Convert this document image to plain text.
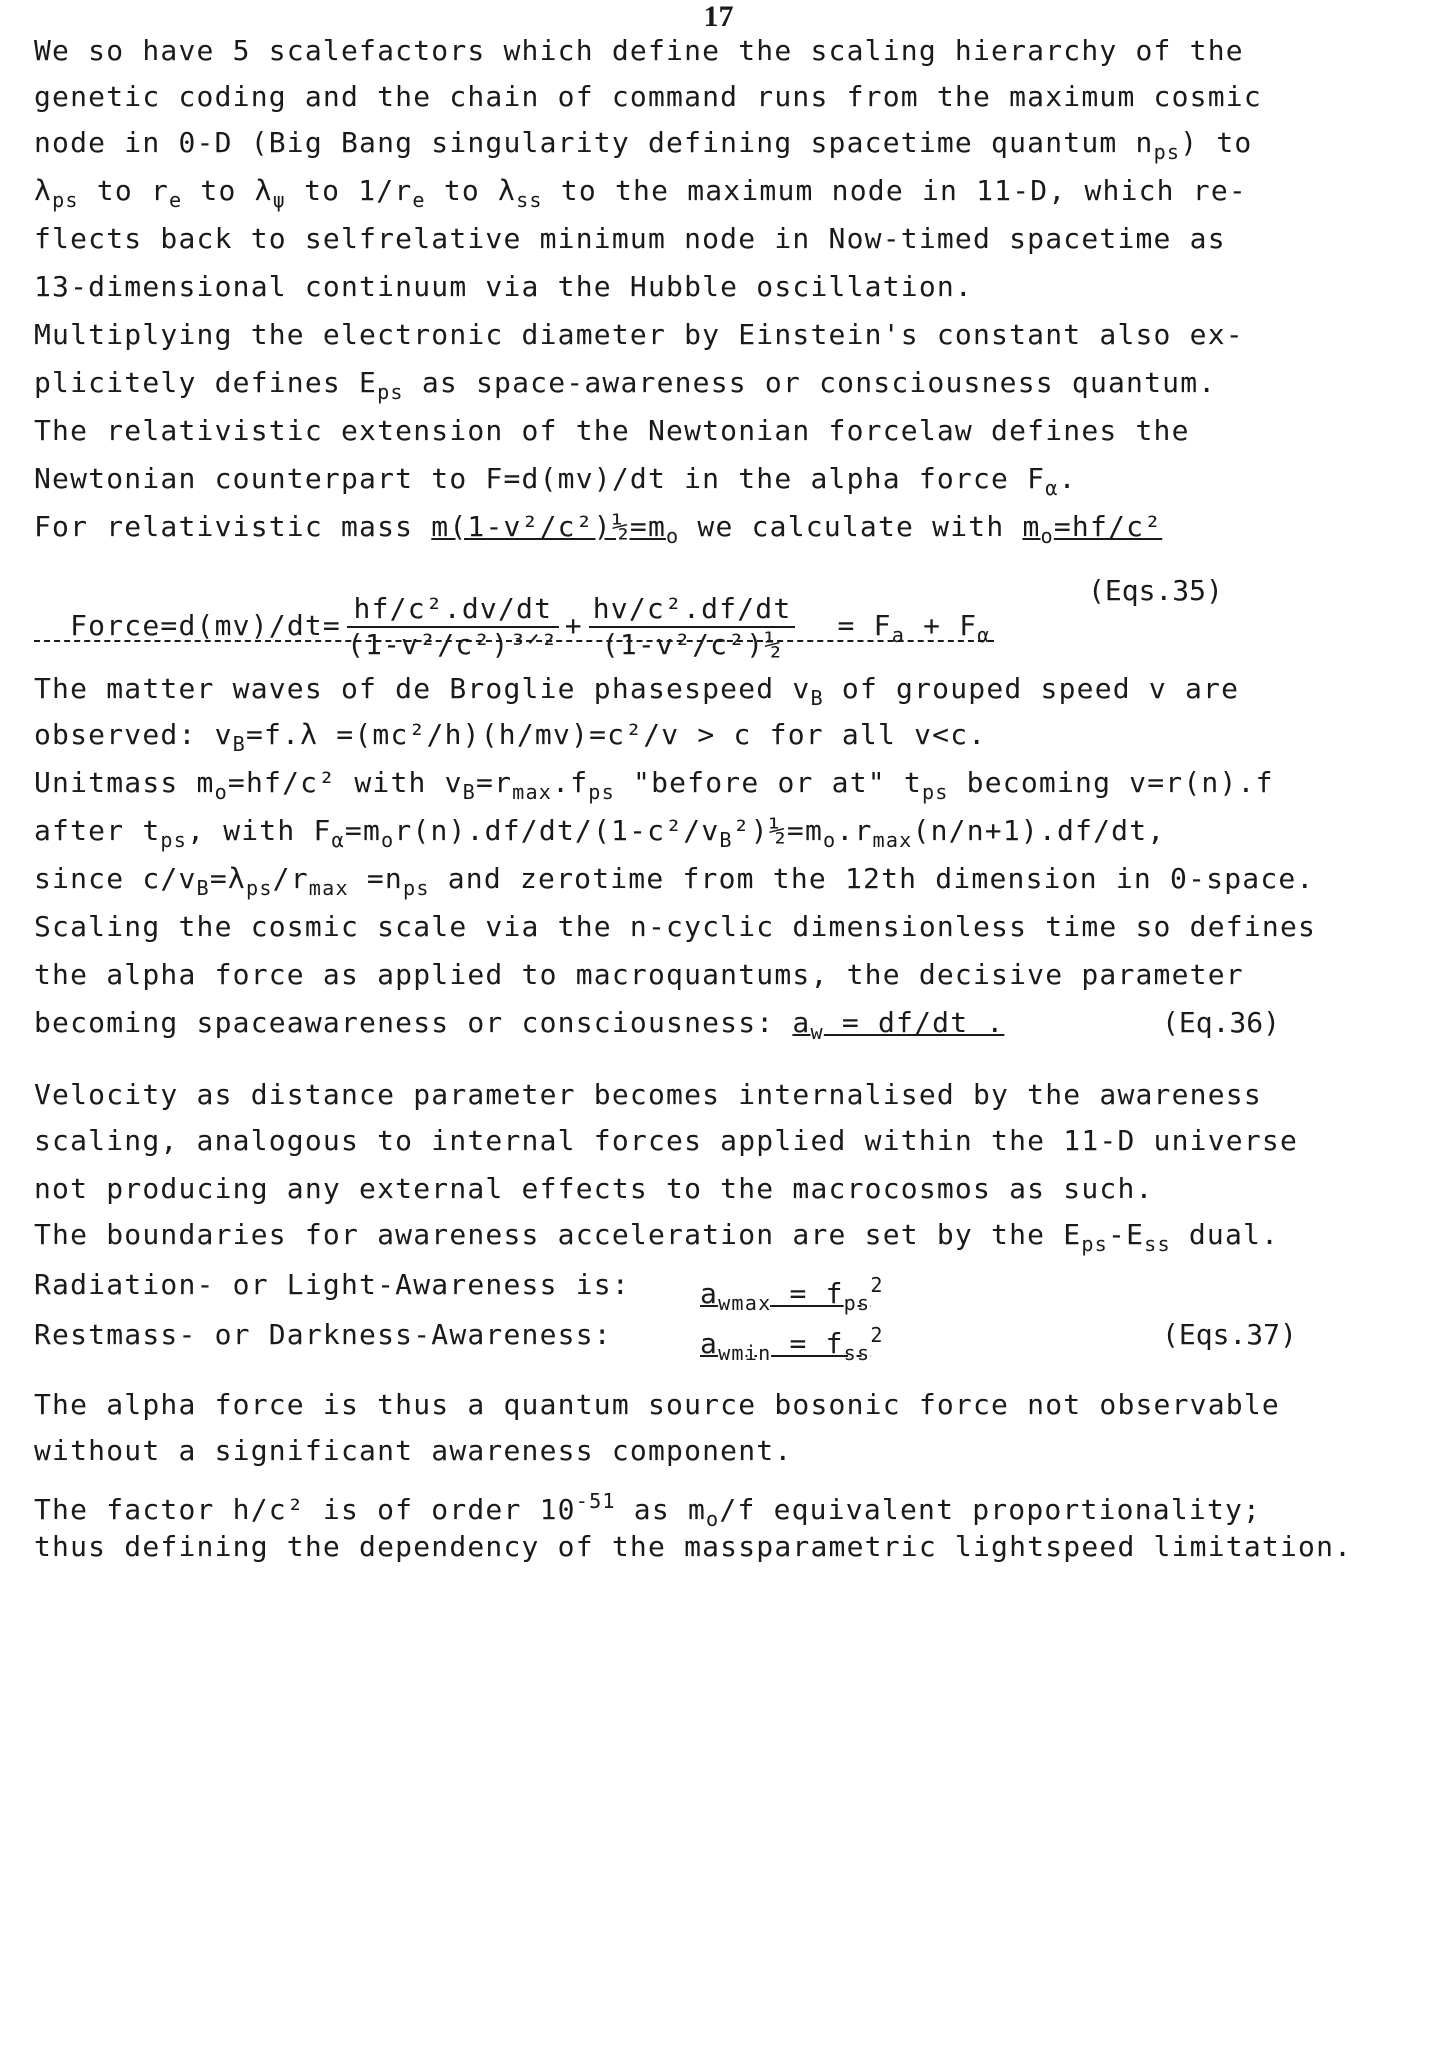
17
We so have 5 scalefactors which define the scaling hierarchy of the
genetic coding and the chain of command runs from the maximum cosmic
node in 0-D (Big Bang singularity defining spacetime quantum $n_{ps}$) to
$\lambda_{ps}$ to $r_e$ to $\lambda_\psi$ to $1/r_e$ to $\lambda_{ss}$ to the maximum node in 11-D, which re-
flects back to selfrelative minimum node in Now-timed spacetime as
13-dimensional continuum via the Hubble oscillation.
Multiplying the electronic diameter by Einstein's constant also ex-
plicitely defines $E_{ps}$ as space-awareness or consciousness quantum.
The relativistic extension of the Newtonian forcelaw defines the
Newtonian counterpart to F=d(mv)/dt in the alpha force $F_\alpha$.
For relativistic mass $m(1-v^2/c^2)\frac{1}{2}=m_o$ we calculate with $m_o=hf/c^2$

Force=d(mv)/dt= $\frac{\text{hf/c².dv/dt}}{\text{(1-v²/c²)³ᐟ²}} + \frac{\text{hv/c².df/dt}}{\text{(1-v²/c²)½}} = F_a + F_\alpha$

(Eqs.35)
The matter waves of de Broglie phasespeed $v_B$ of grouped speed v are
observed: $v_B=f.\lambda =(mc^2/h)(h/mv)=c^2/v > c$ for all v<c.
Unitmass $m_o=hf/c^2$ with $v_B=r_{max}.f_{ps}$ "before or at" $t_{ps}$ becoming v=r(n).f
after $t_{ps}$, with $F_\alpha=m_or(n).df/dt/(1-c^2/v_B^2)\frac{1}{2}=m_o.r_{max}(n/n+1).df/dt$,
since $c/v_B=\lambda_{ps}/r_{max} =n_{ps}$ and zerotime from the 12th dimension in 0-space.
Scaling the cosmic scale via the n-cyclic dimensionless time so defines
the alpha force as applied to macroquantums, the decisive parameter
becoming spaceawareness or consciousness: $a_w = df/dt$ .	(Eq.36)
Velocity as distance parameter becomes internalised by the awareness
scaling, analogous to internal forces applied within the 11-D universe
not producing any external effects to the macrocosmos as such.
The boundaries for awareness acceleration are set by the $E_{ps}-E_{ss}$ dual.
Radiation- or Light-Awareness is:	$a_{wmax} = f_{ps}^2$
Restmass- or Darkness-Awareness:	$a_{wmin} = f_{ss}^2$	(Eqs.37)
The alpha force is thus a quantum source bosonic force not observable
without a significant awareness component.
The factor h/c² is of order $10^{-51}$ as $m_o/f$ equivalent proportionality;
thus defining the dependency of the massparametric lightspeed limitation.
